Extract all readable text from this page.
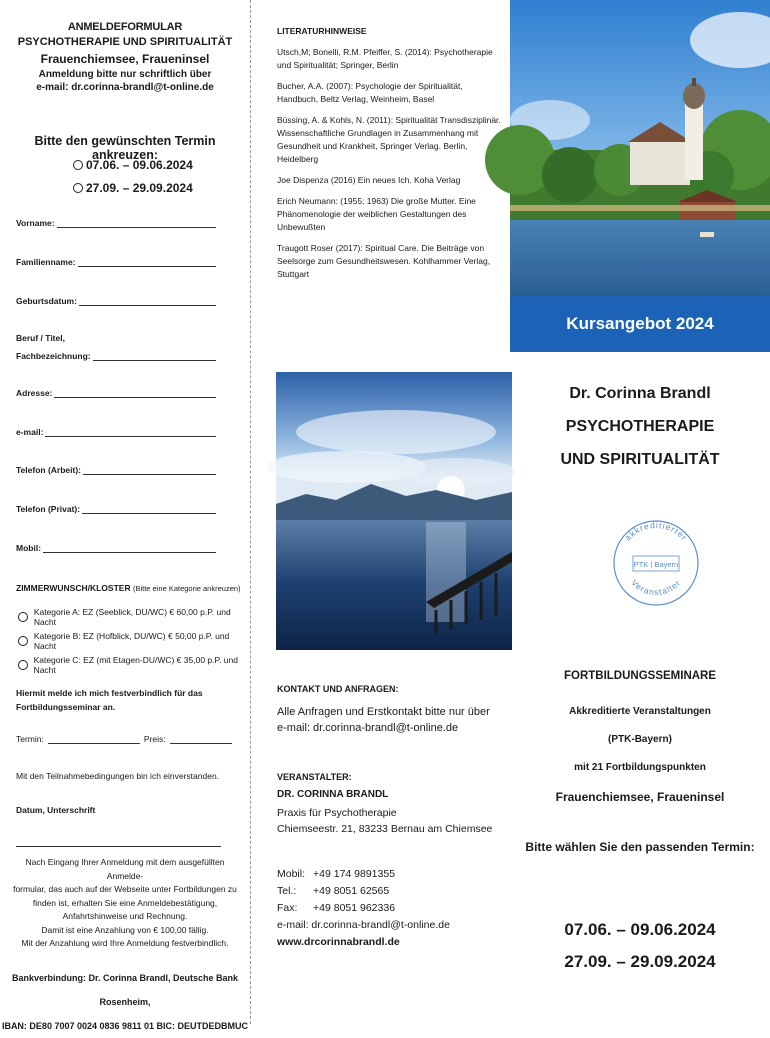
ANMELDEFORMULAR
PSYCHOTHERAPIE UND SPIRITUALITÄT
Frauenchiemsee, Fraueninsel
Anmeldung bitte nur schriftlich über
e-mail: dr.corinna-brandl@t-online.de
Bitte den gewünschten Termin ankreuzen:
07.06. – 09.06.2024
27.09. – 29.09.2024
Vorname:
Familienname:
Geburtsdatum:
Beruf / Titel,
Fachbezeichnung:
Adresse:
e-mail:
Telefon (Arbeit):
Telefon (Privat):
Mobil:
ZIMMERWUNSCH/KLOSTER (Bitte eine Kategorie ankreuzen)
Kategorie A: EZ (Seeblick, DU/WC) € 60,00 p.P. und Nacht
Kategorie B: EZ (Hofblick, DU/WC) € 50,00 p.P. und Nacht
Kategorie C: EZ (mit Etagen-DU/WC) € 35,00 p.P. und Nacht
Hiermit melde ich mich festverbindlich für das
Fortbildungsseminar an.
Termin:	Preis:
Mit den Teilnahmebedingungen bin ich einverstanden.
Datum, Unterschrift
Nach Eingang Ihrer Anmeldung mit dem ausgefüllten Anmelde-
formular, das auch auf der Webseite unter Fortbildungen zu
finden ist, erhalten Sie eine Anmeldebestätigung,
Anfahrtshinweise und Rechnung.
Damit ist eine Anzahlung von € 100,00 fällig.
Mit der Anzahlung wird Ihre Anmeldung festverbindlich.
Bankverbindung: Dr. Corinna Brandl, Deutsche Bank Rosenheim,
IBAN: DE80 7007 0024 0836 9811 01 BIC: DEUTDEDBMUC
LITERATURHINWEISE

Utsch,M; Bonelli, R.M. Pfeiffer, S. (2014): Psychotherapie und Spiritualität; Springer, Berlin

Bucher, A.A. (2007): Psychologie der Spiritualität, Handbuch, Beltz Verlag, Weinheim, Basel

Büssing, A. & Kohls, N. (2011): Spiritualität Transdisziplinär. Wissenschaftliche Grundlagen in Zusammenhang mit Gesundheit und Krankheit, Springer Verlag. Berlin, Heidelberg

Joe Dispenza (2016) Ein neues Ich. Koha Verlag

Erich Neumann: (1955; 1963) Die große Mutter. Eine Phänomenologie der weiblichen Gestaltungen des Unbewußten

Traugott Roser (2017): Spiritual Care. Die Beiträge von Seelsorge zum Gesundheitswesen. Kohlhammer Verlag, Stuttgart

KONTAKT UND ANFRAGEN:
Alle Anfragen und Erstkontakt bitte nur über
e-mail: dr.corinna-brandl@t-online.de
VERANSTALTER:
DR. CORINNA BRANDL
Praxis für Psychotherapie
Chiemseestr. 21, 83233 Bernau am Chiemsee
Mobil: +49 174 9891355
Tel.:	+49 8051 62565
Fax:	+49 8051 962336
e-mail: dr.corinna-brandl@t-online.de
www.drcorinnabrandl.de
Kursangebot 2024
Dr. Corinna Brandl
PSYCHOTHERAPIE
UND SPIRITUALITÄT
akkreditierter
Veranstalter
PTK | Bayern
FORTBILDUNGSSEMINARE
Akkreditierte Veranstaltungen
(PTK-Bayern)
mit 21 Fortbildungspunkten
Frauenchiemsee, Fraueninsel
Bitte wählen Sie den passenden Termin:
07.06. – 09.06.2024
27.09. – 29.09.2024
